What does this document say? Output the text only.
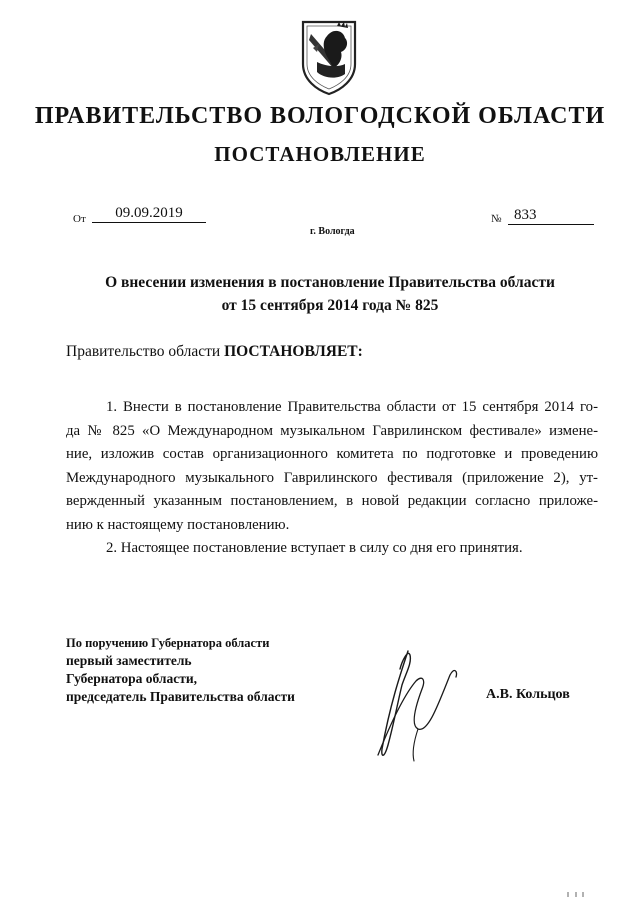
ПРАВИТЕЛЬСТВО ВОЛОГОДСКОЙ ОБЛАСТИ
ПОСТАНОВЛЕНИЕ
От	09.09.2019
г. Вологда
№ 833
О внесении изменения в постановление Правительства области
от 15 сентября 2014 года № 825
Правительство области ПОСТАНОВЛЯЕТ:
1. Внести в постановление Правительства области от 15 сентября 2014 го-
да № 825 «О Международном музыкальном Гаврилинском фестивале» измене-
ние, изложив состав организационного комитета по подготовке и проведению
Международного музыкального Гаврилинского фестиваля (приложение 2), ут-
вержденный указанным постановлением, в новой редакции согласно приложе-
нию к настоящему постановлению.
2. Настоящее постановление вступает в силу со дня его принятия.
По поручению Губернатора области
первый заместитель
Губернатора области,
председатель Правительства области	А.В. Кольцов
